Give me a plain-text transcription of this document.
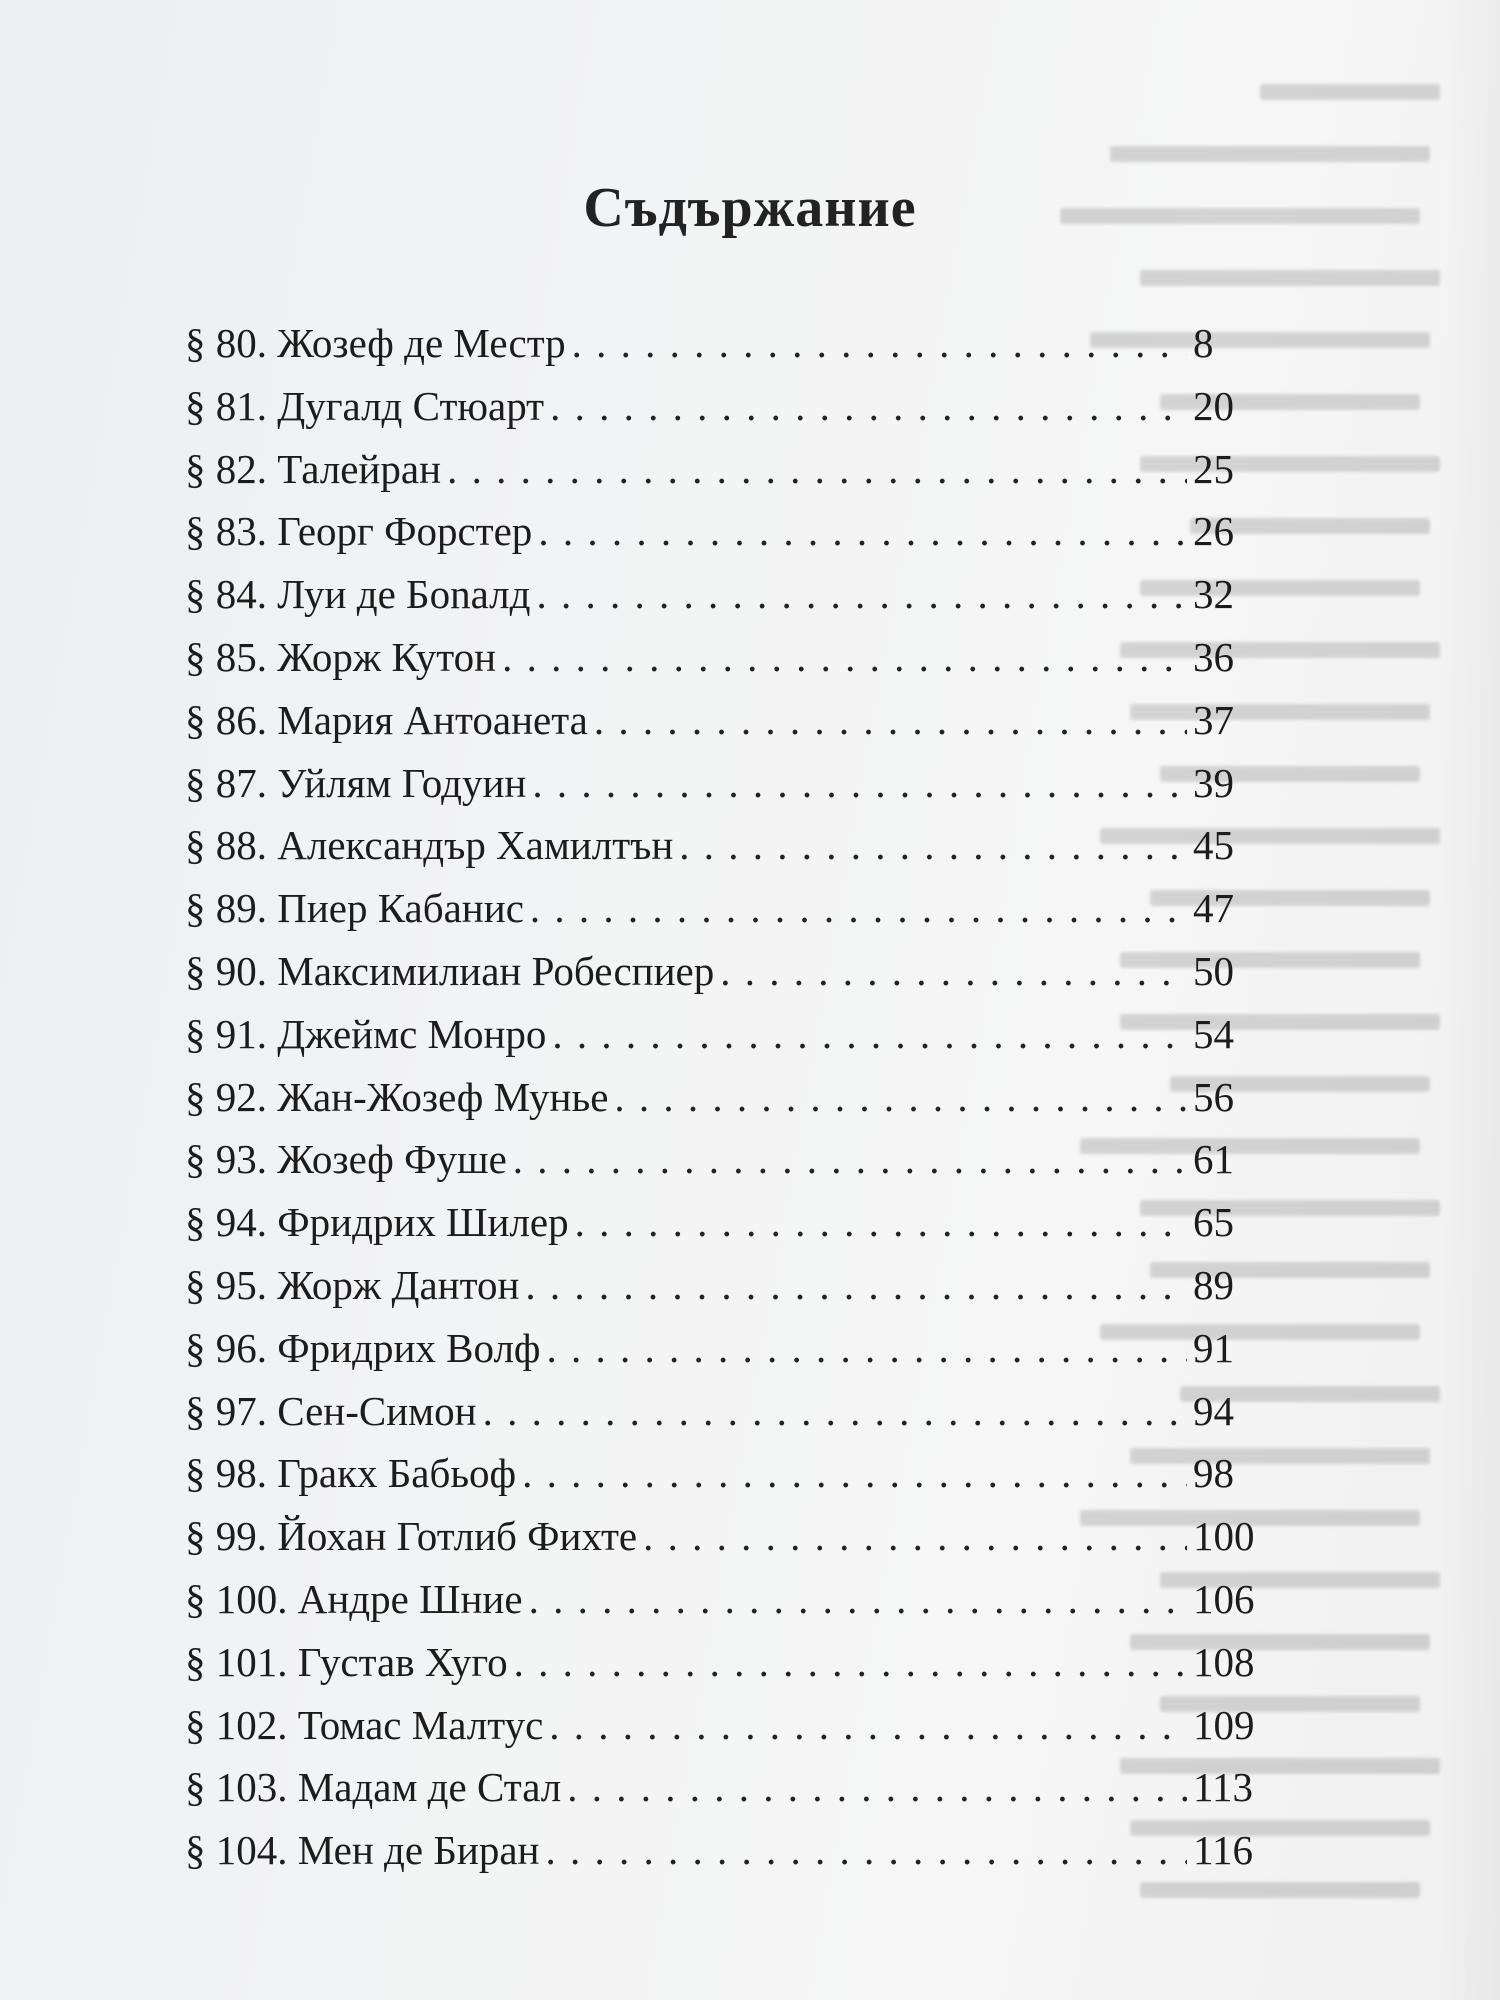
Съдържание
§ 80. Жозеф де Местр . . .	8
§ 81. Дугалд Стюарт . . .	20
§ 82. Талейран . . .	25
§ 83. Георг Форстер . . .	26
§ 84. Луи де Бonалд . . .	32
§ 85. Жорж Кутон . . .	36
§ 86. Мария Антоанета . . .	37
§ 87. Уйлям Годуин . . .	39
§ 88. Александър Хамилтън . . .	45
§ 89. Пиер Кабанис . . .	47
§ 90. Максимилиан Робеспиер . . .	50
§ 91. Джеймс Монро . . .	54
§ 92. Жан-Жозеф Мунье . . .	56
§ 93. Жозеф Фуше . . .	61
§ 94. Фридрих Шилер . . .	65
§ 95. Жорж Дантон . . .	89
§ 96. Фридрих Волф . . .	91
§ 97. Сен-Симон . . .	94
§ 98. Гракх Бабьоф . . .	98
§ 99. Йохан Готлиб Фихте . . .	100
§ 100. Андре Шние . . .	106
§ 101. Густав Хуго . . .	108
§ 102. Томас Малтус . . .	109
§ 103. Мадам де Стал . . .	113
§ 104. Мен де Биран . . .	116
